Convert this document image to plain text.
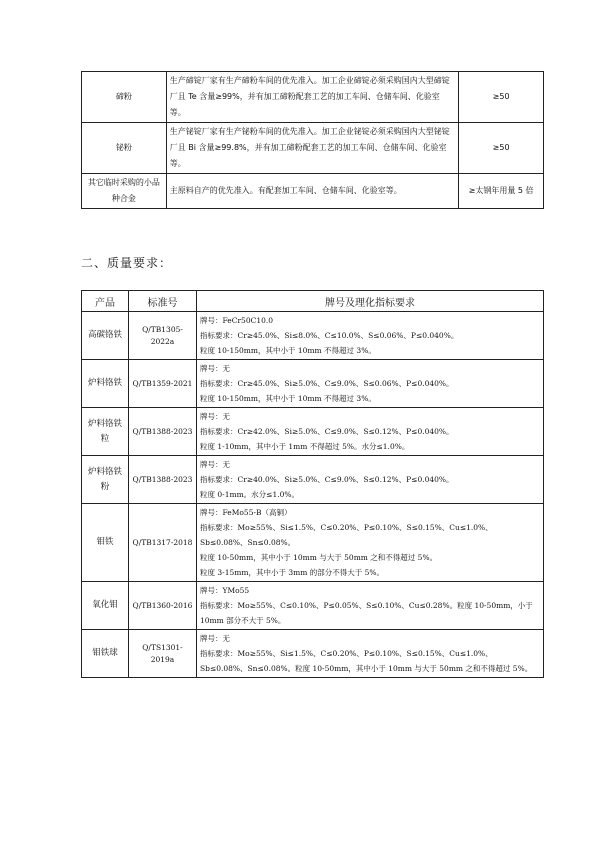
碲粉	生产碲锭厂家有生产碲粉车间的优先准入。加工企业碲锭必须采购国内大型碲锭厂且 Te 含量≥99%，并有加工碲粉配套工艺的加工车间、仓储车间、化验室等。	≥50
铋粉	生产铋锭厂家有生产铋粉车间的优先准入。加工企业铋锭必须采购国内大型铋锭厂且 Bi 含量≥99.8%，并有加工碲粉配套工艺的加工车间、仓储车间、化验室等。	≥50
其它临时采购的小品种合金	主原料自产的优先准入。有配套加工车间、仓储车间、化验室等。	≥太钢年用量 5 倍
二、质量要求：
产品	标准号	牌号及理化指标要求
高碳铬铁	Q/TB1305-2022a	牌号：FeCr50C10.0
指标要求：Cr≥45.0%、Si≤8.0%、C≤10.0%、S≤0.06%、P≤0.040%。
粒度 10-150mm，其中小于 10mm 不得超过 3%。

炉料铬铁	Q/TB1359-2021	牌号：无
指标要求：Cr≥45.0%、Si≥5.0%、C≤9.0%、S≤0.06%、P≤0.040%。
粒度 10-150mm，其中小于 10mm 不得超过 3%。

炉料铬铁粒	Q/TB1388-2023	牌号：无
指标要求：Cr≥42.0%、Si≥5.0%、C≤9.0%、S≤0.12%、P≤0.040%。
粒度 1-10mm，其中小于 1mm 不得超过 5%。水分≤1.0%。

炉料铬铁粉	Q/TB1388-2023	牌号：无
指标要求：Cr≥40.0%、Si≥5.0%、C≤9.0%、S≤0.12%、P≤0.040%。
粒度 0-1mm。水分≤1.0%。

钼铁	Q/TB1317-2018	牌号：FeMo55-B（高铜）
指标要求：Mo≥55%、Si≤1.5%、C≤0.20%、P≤0.10%、S≤0.15%、Cu≤1.0%、Sb≤0.08%、Sn≤0.08%。
粒度 10-50mm，其中小于 10mm 与大于 50mm 之和不得超过 5%。
粒度 3-15mm，其中小于 3mm 的部分不得大于 5%。

氧化钼	Q/TB1360-2016	牌号：YMo55
指标要求：Mo≥55%、C≤0.10%、P≤0.05%、S≤0.10%、Cu≤0.28%。粒度 10-50mm，小于 10mm 部分不大于 5%。

钼铁球	Q/TS1301-2019a	牌号：无
指标要求：Mo≥55%、Si≤1.5%、C≤0.20%、P≤0.10%、S≤0.15%、Cu≤1.0%、Sb≤0.08%、Sn≤0.08%。粒度 10-50mm，其中小于 10mm 与大于 50mm 之和不得超过 5%。
